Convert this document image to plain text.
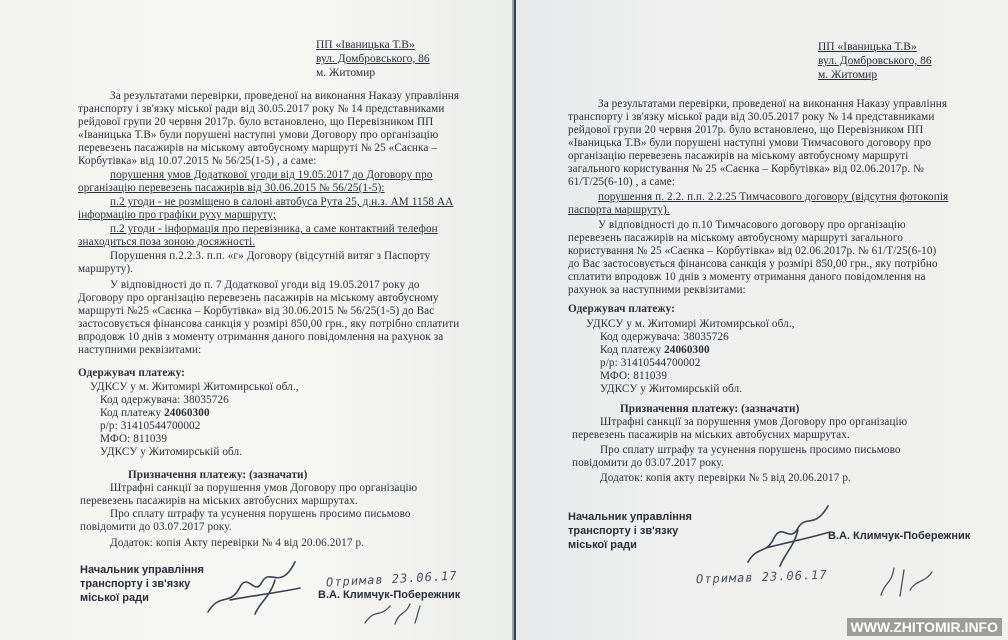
ПП «Іваницька Т.В»
вул. Домбровського, 86
м. Житомир
За результатами перевірки, проведеної на виконання Наказу управління
транспорту і зв'язку міської ради від 30.05.2017 року № 14 представниками
рейдової групи 20 червня 2017р. було встановлено, що Перевізником ПП
«Іваницька Т.В» були порушені наступні умови Договору про організацію
перевезень пасажирів на міському автобусному маршруті № 25 «Саєнка –
Корбутівка» від 10.07.2015 № 56/25(1-5) , а саме:
порушення умов Додаткової угоди від 19.05.2017 до Договору про
організацію перевезень пасажирів від 30.06.2015 № 56/25(1-5):
п.2 угоди - не розміщено в салоні автобуса Рута 25, д.н.з. АМ 1158 АА
інформацію про графіки руху маршруту;
п.2 угоди - інформація про перевізника, а саме контактний телефон
знаходиться поза зоною досяжності.
Порушення п.2.2.3. п.п. «г» Договору (відсутній витяг з Паспорту
маршруту).
У відповідності до п. 7 Додаткової угоди від 19.05.2017 року до
Договору про організацію перевезень пасажирів на міському автобусному
маршруті №25 «Саєнка – Корбутівка» від 30.06.2015 № 56/25(1-5) до Вас
застосовується фінансова санкція у розмірі 850,00 грн., яку потрібно сплатити
впродовж 10 днів з моменту отримання даного повідомлення на рахунок за
наступними реквізитами:
Одержувач платежу:
УДКСУ у м. Житомирі Житомирської обл.,
Код одержувача: 38035726
Код платежу 24060300
р/р: 31410544700002
МФО: 811039
УДКСУ у Житомирській обл.
Призначення платежу: (зазначати)
Штрафні санкції за порушення умов Договору про організацію
перевезень пасажирів на міських автобусних маршрутах.
Про сплату штрафу та усунення порушень просимо письмово
повідомити до 03.07.2017 року.
Додаток: копія Акту перевірки № 4 від 20.06.2017 р.
Начальник управління
транспорту і зв'язку
міської ради	В.А. Климчук-Побережник
Отримав 23.06.17
ПП «Іваницька Т.В»
вул. Домбровського, 86
м. Житомир
За результатами перевірки, проведеної на виконання Наказу управління
транспорту і зв'язку міської ради від 30.05.2017 року № 14 представниками
рейдової групи 20 червня 2017р. було встановлено, що Перевізником ПП
«Іваницька Т.В» були порушені наступні умови Тимчасового договору про
організацію перевезень пасажирів на міському автобусному маршруті
загального користування № 25 «Саєнка – Корбутівка» від 02.06.2017р. №
61/Т/25(6-10) , а саме:
порушення п. 2.2. п.п. 2.2.25 Тимчасового договору (відсутня фотокопія
паспорта маршруту).
У відповідності до п.10 Тимчасового договору про організацію
перевезень пасажирів на міському автобусному маршруті загального
користування № 25 «Саєнка – Корбутівка» від 02.06.2017р. № 61/Т/25(6-10)
до Вас застосовується фінансова санкція у розмірі 850,00 грн., яку потрібно
сплатити впродовж 10 днів з моменту отримання даного повідомлення на
рахунок за наступними реквізитами:
Одержувач платежу:
УДКСУ у м. Житомирі Житомирської обл.,
Код одержувача: 38035726
Код платежу 24060300
р/р: 31410544700002
МФО: 811039
УДКСУ у Житомирській обл.
Призначення платежу: (зазначати)
Штрафні санкції за порушення умов Договору про організацію
перевезень пасажирів на міських автобусних маршрутах.
Про сплату штрафу та усунення порушень просимо письмово
повідомити до 03.07.2017 року.
Додаток: копія акту перевірки № 5 від 20.06.2017 р.
Начальник управління
транспорту і зв'язку
міської ради
В.А. Климчук-Побережник
Отримав 23.06.17
WWW.ZHITOMIR.INFO
